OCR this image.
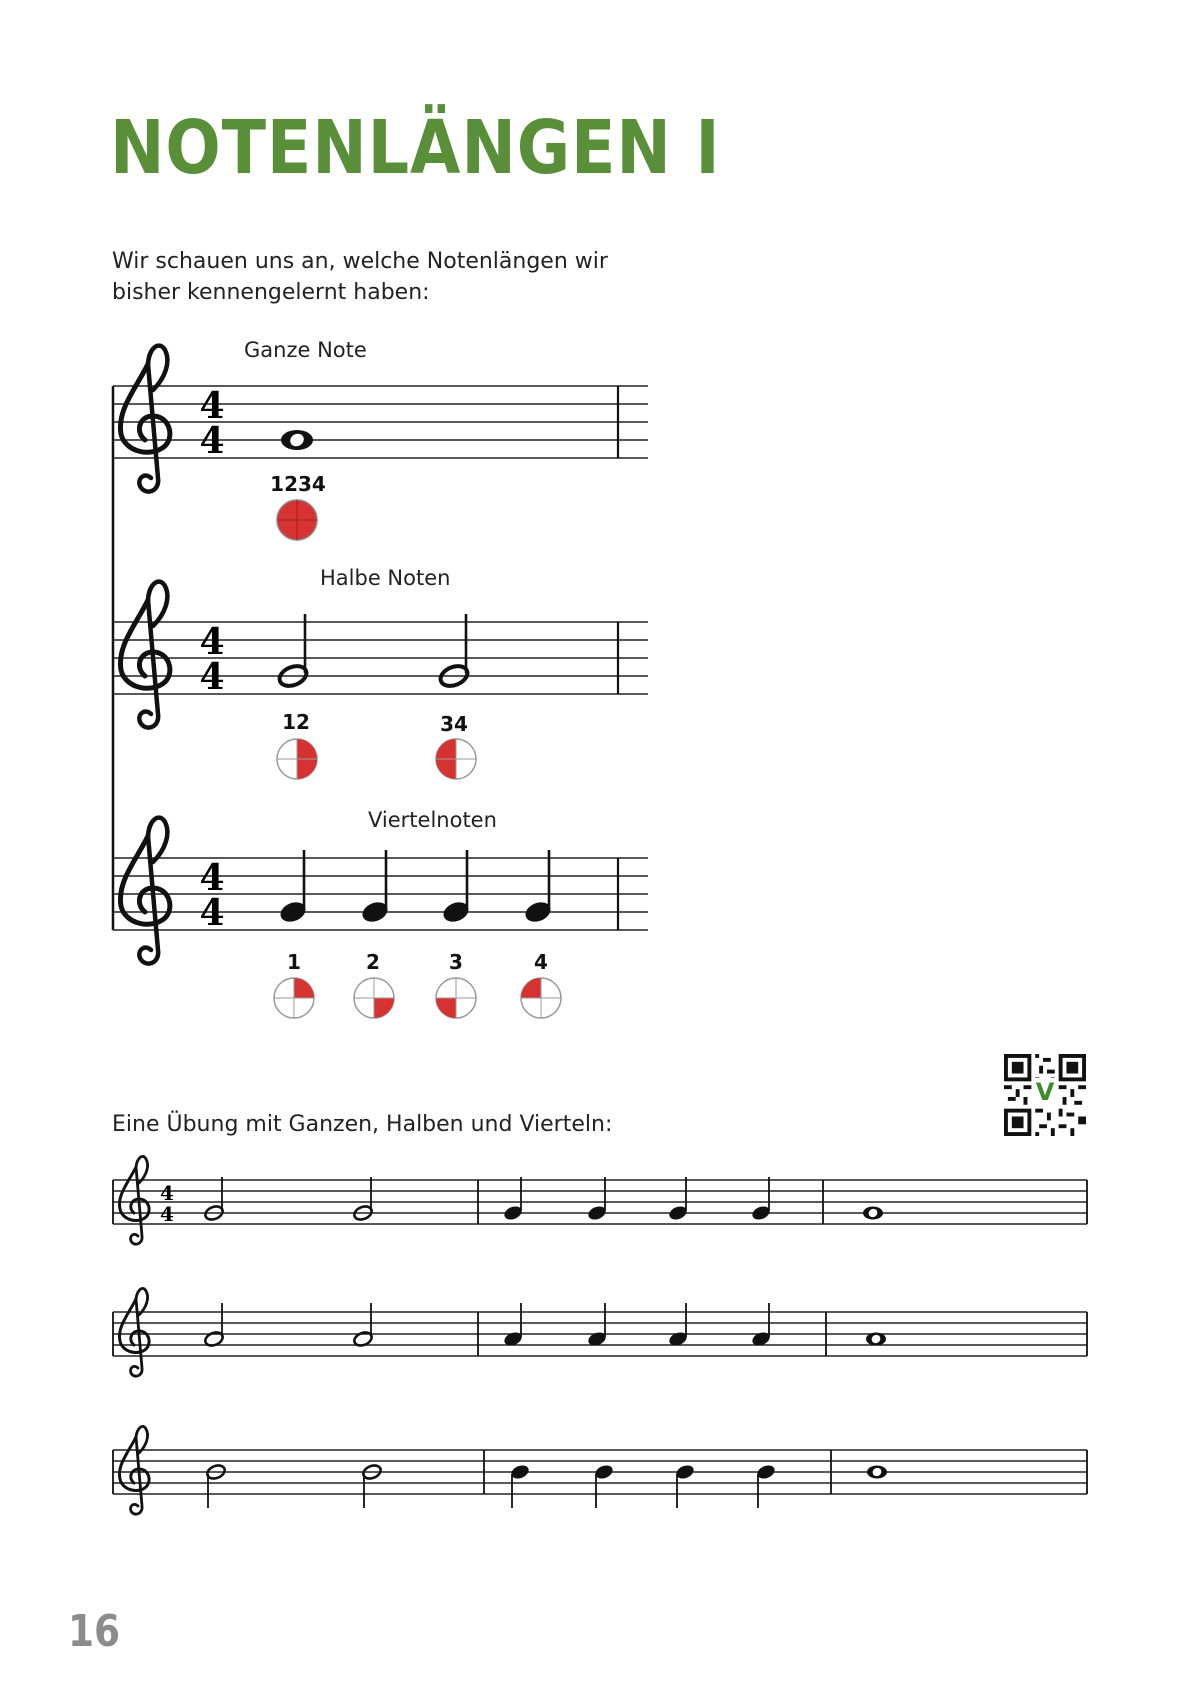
NOTENLÄNGEN I

Wir schauen uns an, welche Notenlängen wir bisher kennengelernt haben:

Ganze Note
Halbe Noten
Viertelnoten
1234
12	34
1	2	3	4
Eine Übung mit Ganzen, Halben und Vierteln:
4
4
4
4
4
4
4
4
V
16
